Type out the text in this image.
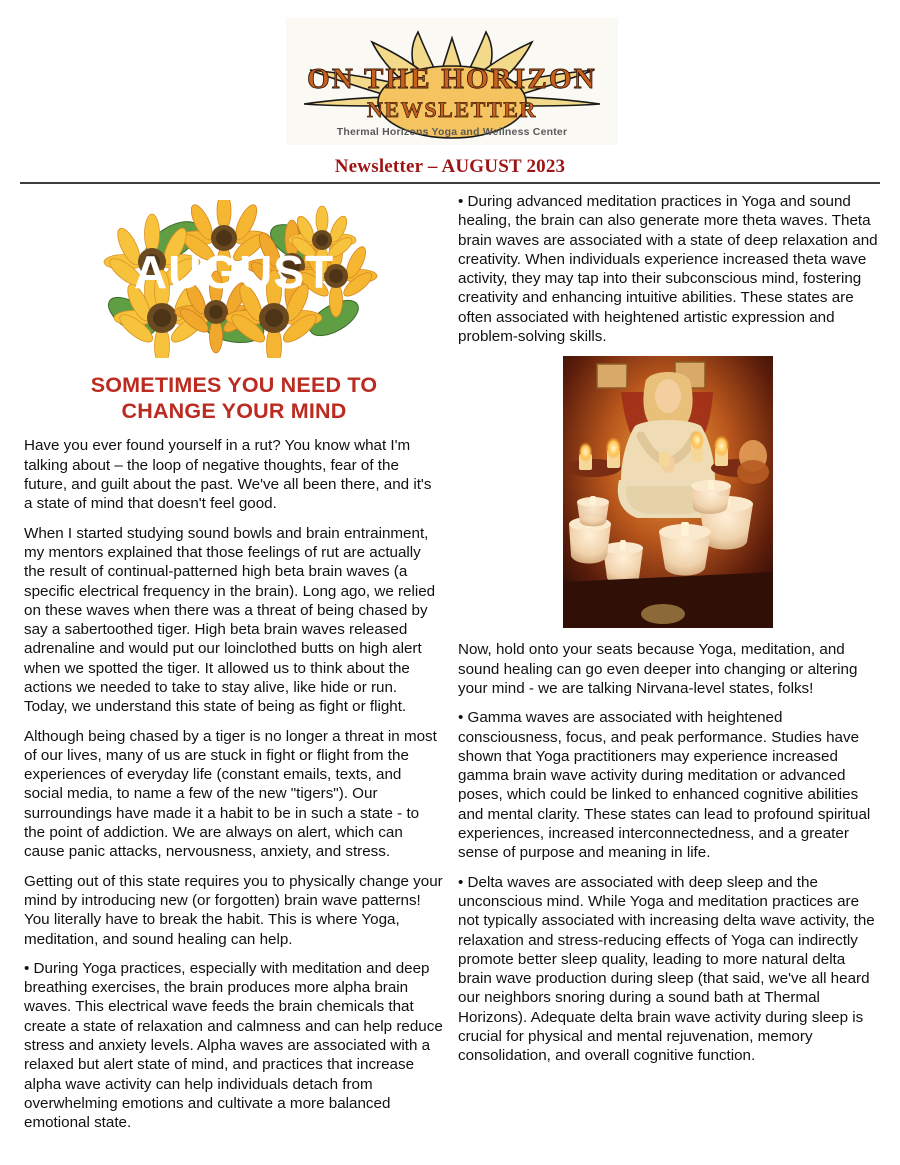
ON THE HORIZON
NEWSLETTER
Thermal Horizons Yoga and Wellness Center
Newsletter – AUGUST 2023
AUGUST
SOMETIMES YOU NEED TO
CHANGE YOUR MIND

Have you ever found yourself in a rut? You know what I'm talking about – the loop of negative thoughts, fear of the future, and guilt about the past. We've all been there, and it's a state of mind that doesn't feel good.

When I started studying sound bowls and brain entrainment, my mentors explained that those feelings of rut are actually the result of continual-patterned high beta brain waves (a specific electrical frequency in the brain). Long ago, we relied on these waves when there was a threat of being chased by say a sabertoothed tiger. High beta brain waves released adrenaline and would put our loinclothed butts on high alert when we spotted the tiger. It allowed us to think about the actions we needed to take to stay alive, like hide or run. Today, we understand this state of being as fight or flight.

Although being chased by a tiger is no longer a threat in most of our lives, many of us are stuck in fight or flight from the experiences of everyday life (constant emails, texts, and social media, to name a few of the new "tigers"). Our surroundings have made it a habit to be in such a state - to the point of addiction. We are always on alert, which can cause panic attacks, nervousness, anxiety, and stress.

Getting out of this state requires you to physically change your mind by introducing new (or forgotten) brain wave patterns! You literally have to break the habit. This is where Yoga, meditation, and sound healing can help.

• During Yoga practices, especially with meditation and deep breathing exercises, the brain produces more alpha brain waves. This electrical wave feeds the brain chemicals that create a state of relaxation and calmness and can help reduce stress and anxiety levels. Alpha waves are associated with a relaxed but alert state of mind, and practices that increase alpha wave activity can help individuals detach from overwhelming emotions and cultivate a more balanced emotional state.

• During advanced meditation practices in Yoga and sound healing, the brain can also generate more theta waves. Theta brain waves are associated with a state of deep relaxation and creativity. When individuals experience increased theta wave activity, they may tap into their subconscious mind, fostering creativity and enhancing intuitive abilities. These states are often associated with heightened artistic expression and problem-solving skills.

Now, hold onto your seats because Yoga, meditation, and sound healing can go even deeper into changing or altering your mind - we are talking Nirvana-level states, folks!

• Gamma waves are associated with heightened consciousness, focus, and peak performance. Studies have shown that Yoga practitioners may experience increased gamma brain wave activity during meditation or advanced poses, which could be linked to enhanced cognitive abilities and mental clarity. These states can lead to profound spiritual experiences, increased interconnectedness, and a greater sense of purpose and meaning in life.

• Delta waves are associated with deep sleep and the unconscious mind. While Yoga and meditation practices are not typically associated with increasing delta wave activity, the relaxation and stress-reducing effects of Yoga can indirectly promote better sleep quality, leading to more natural delta brain wave production during sleep (that said, we've all heard our neighbors snoring during a sound bath at Thermal Horizons). Adequate delta brain wave activity during sleep is crucial for physical and mental rejuvenation, memory consolidation, and overall cognitive function.
